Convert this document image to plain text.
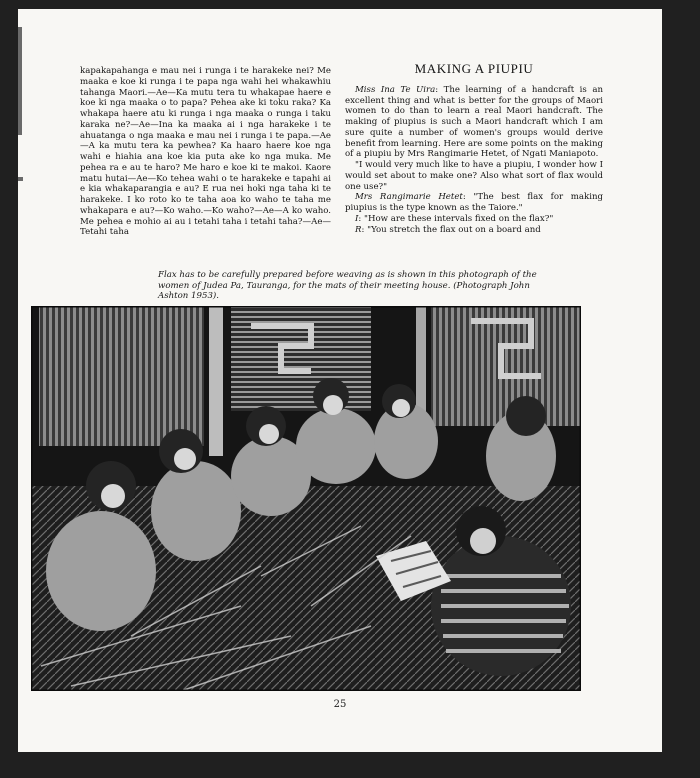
kapakapahanga e mau nei i runga i te harakeke nei? Me maaka e koe ki runga i te papa nga wahi hei whakawhiu tahanga Maori.—Ae—Ka mutu tera tu whakapae haere e koe ki nga maaka o to papa? Pehea ake ki toku raka? Ka whakapa haere atu ki runga i nga maaka o runga i taku karaka ne?—Ae—Ina ka maaka ai i nga harakeke i te ahuatanga o nga maaka e mau nei i runga i te papa.—Ae—A ka mutu tera ka pewhea? Ka haaro haere koe nga wahi e hiahia ana koe kia puta ake ko nga muka. Me pehea ra e au te haro? Me haro e koe ki te makoi. Kaore matu hutai—Ae—Ko tehea wahi o te harakeke e tapahi ai e kia whakaparangia e au? E rua nei hoki nga taha ki te harakeke. I ko roto ko te taha aoa ko waho te taha me whakapara e au?—Ko waho.—Ko waho?—Ae—A ko waho. Me pehea e mohio ai au i tetahi taha i tetahi taha?—Ae—Tetahi taha

MAKING A PIUPIU

Miss Ina Te Uira: The learning of a handcraft is an excellent thing and what is better for the groups of Maori women to do than to learn a real Maori handcraft. The making of piupius is such a Maori handcraft which I am sure quite a number of women's groups would derive benefit from learning. Here are some points on the making of a piupiu by Mrs Rangimarie Hetet, of Ngati Maniapoto.

"I would very much like to have a piupiu, I wonder how I would set about to make one? Also what sort of flax would one use?"

Mrs Rangimarie Hetet: "The best flax for making piupius is the type known as the Taiore."

I: "How are these intervals fixed on the flax?"

R: "You stretch the flax out on a board and

Flax has to be carefully prepared before weaving as is shown in this photograph of the women of Judea Pa, Tauranga, for the mats of their meeting house. (Photograph John Ashton 1953).
25
